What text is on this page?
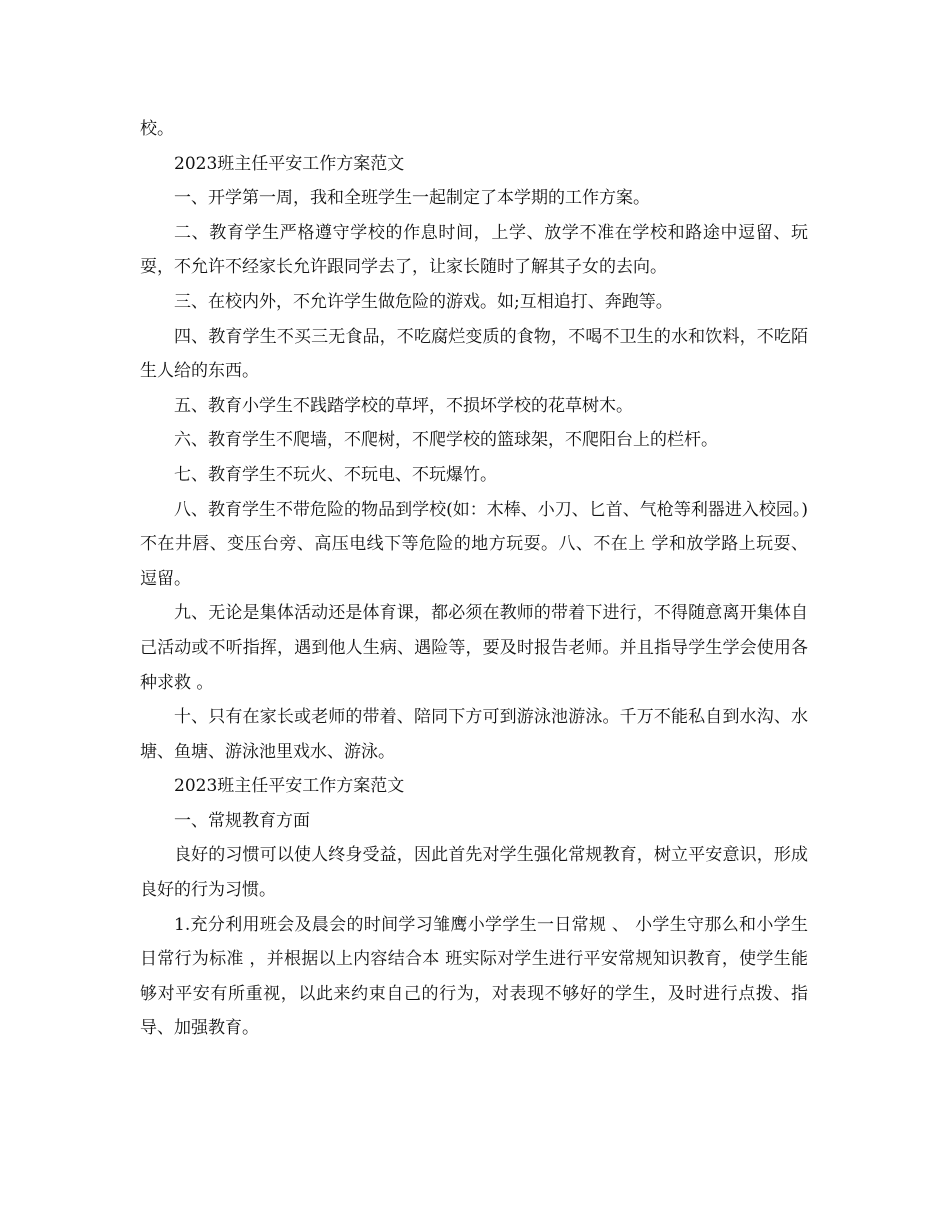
校。

2023班主任平安工作方案范文

一、开学第一周，我和全班学生一起制定了本学期的工作方案。

二、教育学生严格遵守学校的作息时间，上学、放学不准在学校和路途中逗留、玩耍，不允许不经家长允许跟同学去了，让家长随时了解其子女的去向。

三、在校内外，不允许学生做危险的游戏。如;互相追打、奔跑等。

四、教育学生不买三无食品，不吃腐烂变质的食物，不喝不卫生的水和饮料，不吃陌生人给的东西。

五、教育小学生不践踏学校的草坪，不损坏学校的花草树木。

六、教育学生不爬墙，不爬树，不爬学校的篮球架，不爬阳台上的栏杆。

七、教育学生不玩火、不玩电、不玩爆竹。

八、教育学生不带危险的物品到学校(如：木棒、小刀、匕首、气枪等利器进入校园。)不在井唇、变压台旁、高压电线下等危险的地方玩耍。八、不在上 学和放学路上玩耍、逗留。

九、无论是集体活动还是体育课，都必须在教师的带着下进行，不得随意离开集体自己活动或不听指挥，遇到他人生病、遇险等，要及时报告老师。并且指导学生学会使用各种求救 。

十、只有在家长或老师的带着、陪同下方可到游泳池游泳。千万不能私自到水沟、水塘、鱼塘、游泳池里戏水、游泳。

2023班主任平安工作方案范文

一、常规教育方面

良好的习惯可以使人终身受益，因此首先对学生强化常规教育，树立平安意识，形成良好的行为习惯。

1.充分利用班会及晨会的时间学习雏鹰小学学生一日常规 、 小学生守那么和小学生日常行为标准 ，并根据以上内容结合本 班实际对学生进行平安常规知识教育，使学生能够对平安有所重视，以此来约束自己的行为，对表现不够好的学生，及时进行点拨、指导、加强教育。
